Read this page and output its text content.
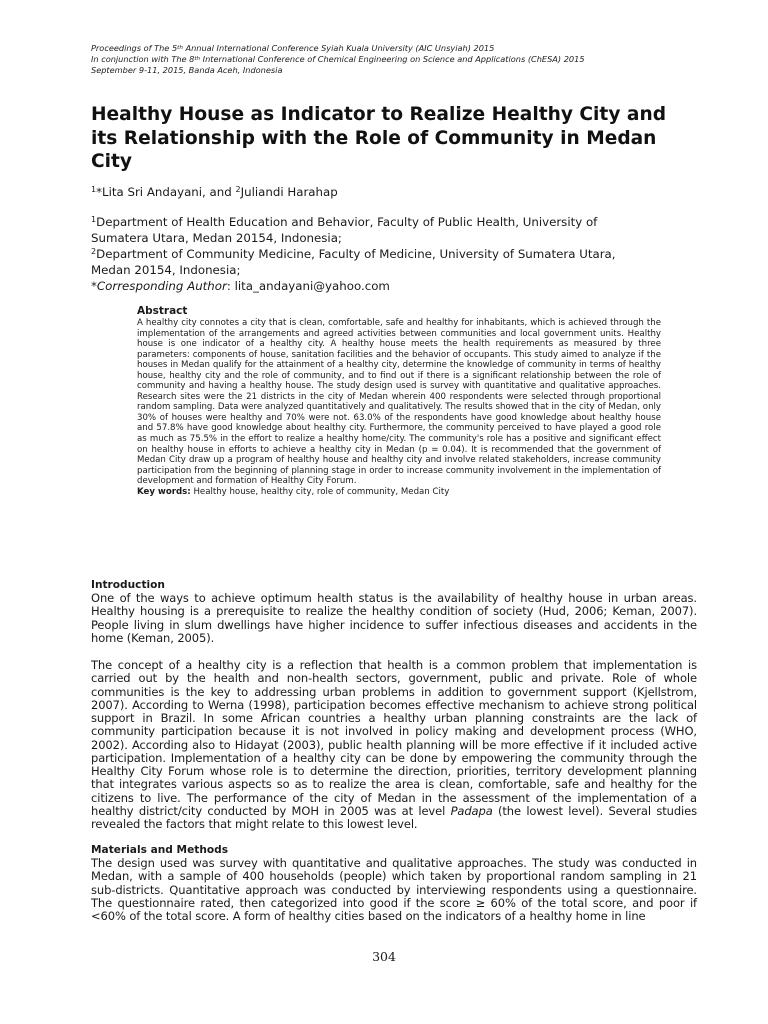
Proceedings of The 5th Annual International Conference Syiah Kuala University (AIC Unsyiah) 2015
In conjunction with The 8th International Conference of Chemical Engineering on Science and Applications (ChESA) 2015
September 9-11, 2015, Banda Aceh, Indonesia
Healthy House as Indicator to Realize Healthy City and its Relationship with the Role of Community in Medan City
$^1$*Lita Sri Andayani, and $^2$Juliandi Harahap
$^1$Department of Health Education and Behavior, Faculty of Public Health, University of
Sumatera Utara, Medan 20154, Indonesia;
$^2$Department of Community Medicine, Faculty of Medicine, University of Sumatera Utara,
Medan 20154, Indonesia;
*Corresponding Author: lita_andayani@yahoo.com
Abstract

A healthy city connotes a city that is clean, comfortable, safe and healthy for inhabitants, which is achieved through the implementation of the arrangements and agreed activities between communities and local government units. Healthy house is one indicator of a healthy city. A healthy house meets the health requirements as measured by three parameters: components of house, sanitation facilities and the behavior of occupants. This study aimed to analyze if the houses in Medan qualify for the attainment of a healthy city, determine the knowledge of community in terms of healthy house, healthy city and the role of community, and to find out if there is a significant relationship between the role of community and having a healthy house. The study design used is survey with quantitative and qualitative approaches. Research sites were the 21 districts in the city of Medan wherein 400 respondents were selected through proportional random sampling. Data were analyzed quantitatively and qualitatively. The results showed that in the city of Medan, only 30% of houses were healthy and 70% were not. 63.0% of the respondents have good knowledge about healthy house and 57.8% have good knowledge about healthy city. Furthermore, the community perceived to have played a good role as much as 75.5% in the effort to realize a healthy home/city. The community's role has a positive and significant effect on healthy house in efforts to achieve a healthy city in Medan (p = 0.04). It is recommended that the government of Medan City draw up a program of healthy house and healthy city and involve related stakeholders, increase community participation from the beginning of planning stage in order to increase community involvement in the implementation of development and formation of Healthy City Forum.

Key words: Healthy house, healthy city, role of community, Medan City

Introduction

One of the ways to achieve optimum health status is the availability of healthy house in urban areas. Healthy housing is a prerequisite to realize the healthy condition of society (Hud, 2006; Keman, 2007). People living in slum dwellings have higher incidence to suffer infectious diseases and accidents in the home (Keman, 2005).

The concept of a healthy city is a reflection that health is a common problem that implementation is carried out by the health and non-health sectors, government, public and private. Role of whole communities is the key to addressing urban problems in addition to government support (Kjellstrom, 2007). According to Werna (1998), participation becomes effective mechanism to achieve strong political support in Brazil. In some African countries a healthy urban planning constraints are the lack of community participation because it is not involved in policy making and development process (WHO, 2002). According also to Hidayat (2003), public health planning will be more effective if it included active participation. Implementation of a healthy city can be done by empowering the community through the Healthy City Forum whose role is to determine the direction, priorities, territory development planning that integrates various aspects so as to realize the area is clean, comfortable, safe and healthy for the citizens to live. The performance of the city of Medan in the assessment of the implementation of a healthy district/city conducted by MOH in 2005 was at level Padapa (the lowest level). Several studies revealed the factors that might relate to this lowest level.

Materials and Methods

The design used was survey with quantitative and qualitative approaches. The study was conducted in Medan, with a sample of 400 households (people) which taken by proportional random sampling in 21 sub-districts. Quantitative approach was conducted by interviewing respondents using a questionnaire. The questionnaire rated, then categorized into good if the score ≥ 60% of the total score, and poor if <60% of the total score. A form of healthy cities based on the indicators of a healthy home in line

304
